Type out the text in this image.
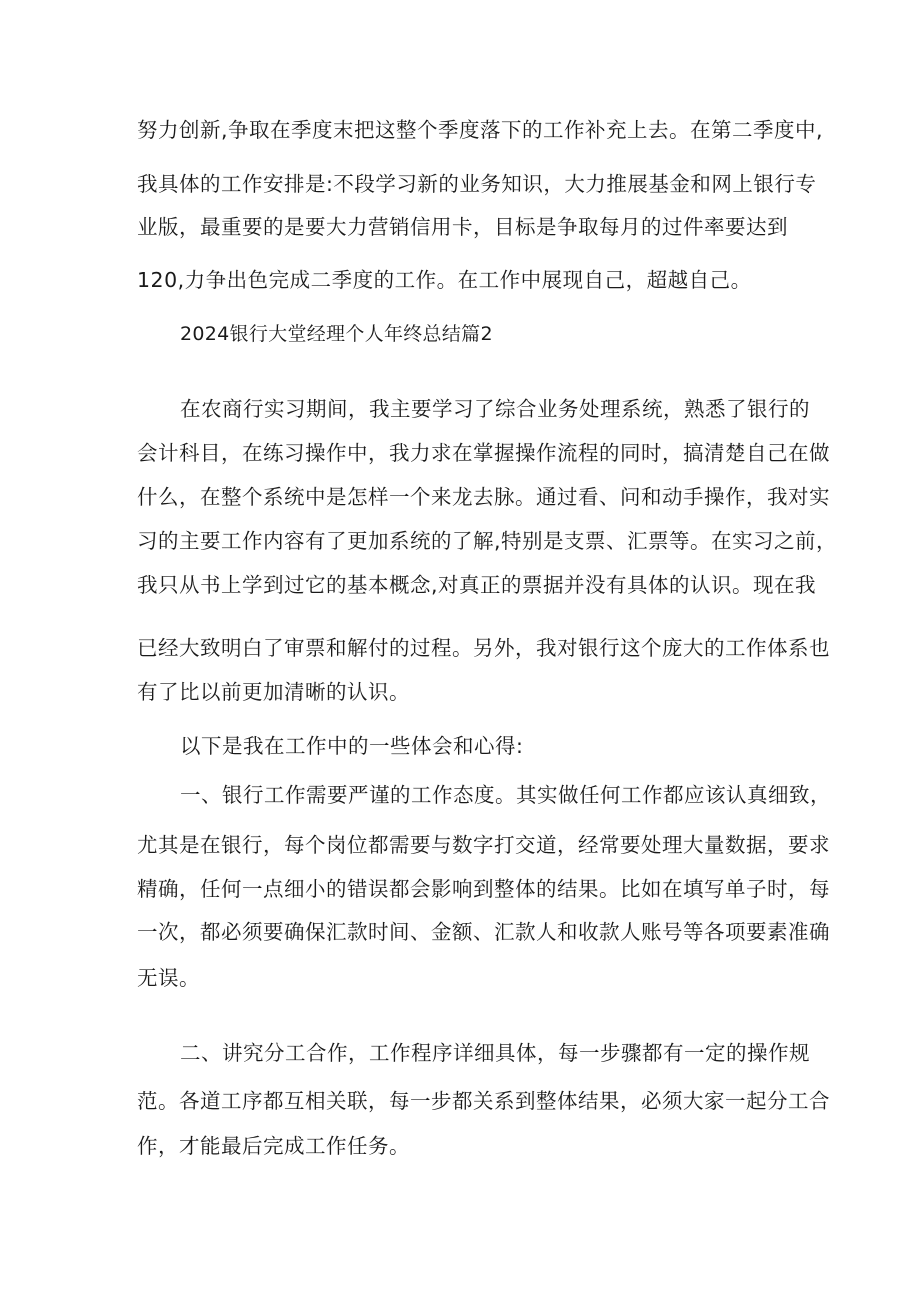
努力创新,争取在季度末把这整个季度落下的工作补充上去。在第二季度中,
我具体的工作安排是:不段学习新的业务知识，大力推展基金和网上银行专
业版，最重要的是要大力营销信用卡，目标是争取每月的过件率要达到
120,力争出色完成二季度的工作。在工作中展现自己，超越自己。
2024银行大堂经理个人年终总结篇2
在农商行实习期间，我主要学习了综合业务处理系统，熟悉了银行的
会计科目，在练习操作中，我力求在掌握操作流程的同时，搞清楚自己在做
什么，在整个系统中是怎样一个来龙去脉。通过看、问和动手操作，我对实
习的主要工作内容有了更加系统的了解,特别是支票、汇票等。在实习之前，
我只从书上学到过它的基本概念,对真正的票据并没有具体的认识。现在我
已经大致明白了审票和解付的过程。另外，我对银行这个庞大的工作体系也
有了比以前更加清晰的认识。
以下是我在工作中的一些体会和心得:
一、银行工作需要严谨的工作态度。其实做任何工作都应该认真细致，
尤其是在银行，每个岗位都需要与数字打交道，经常要处理大量数据，要求
精确，任何一点细小的错误都会影响到整体的结果。比如在填写单子时，每
一次，都必须要确保汇款时间、金额、汇款人和收款人账号等各项要素准确
无误。
二、讲究分工合作，工作程序详细具体，每一步骤都有一定的操作规
范。各道工序都互相关联，每一步都关系到整体结果，必须大家一起分工合
作，才能最后完成工作任务。
